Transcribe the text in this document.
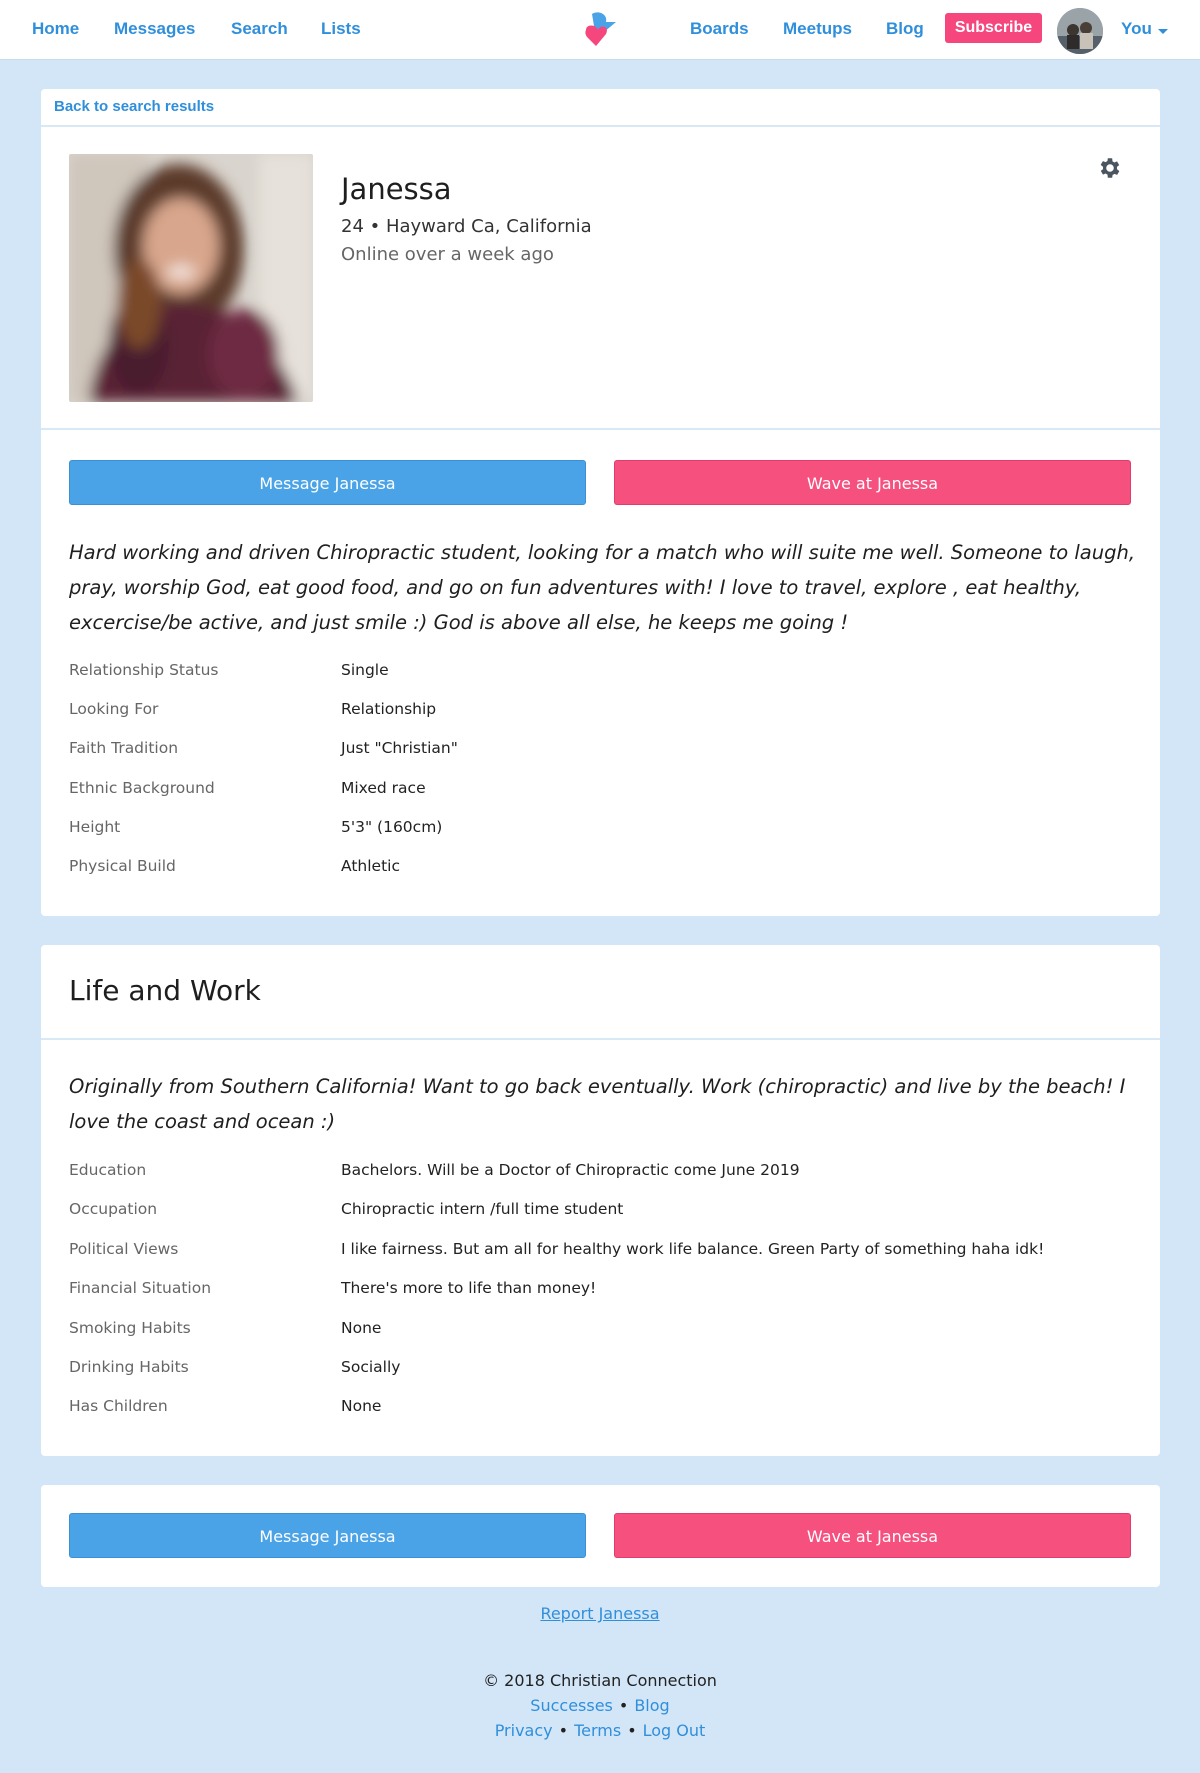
Home Messages Search Lists	Boards Meetups Blog	Subscribe	You
Back to search results
Janessa
24 • Hayward Ca, California
Online over a week ago
Message Janessa	Wave at Janessa
Hard working and driven Chiropractic student, looking for a match who will suite me well. Someone to laugh, pray, worship God, eat good food, and go on fun adventures with! I love to travel, explore , eat healthy, excercise/be active, and just smile :) God is above all else, he keeps me going !
Relationship Status	Single
Looking For	Relationship
Faith Tradition	Just "Christian"
Ethnic Background	Mixed race
Height	5'3" (160cm)
Physical Build	Athletic
Life and Work
Originally from Southern California! Want to go back eventually. Work (chiropractic) and live by the beach! I love the coast and ocean :)
Education	Bachelors. Will be a Doctor of Chiropractic come June 2019
Occupation	Chiropractic intern /full time student
Political Views	I like fairness. But am all for healthy work life balance. Green Party of something haha idk!
Financial Situation	There's more to life than money!
Smoking Habits	None
Drinking Habits	Socially
Has Children	None
Message Janessa	Wave at Janessa
Report Janessa
© 2018 Christian Connection
Successes • Blog
Privacy • Terms • Log Out
